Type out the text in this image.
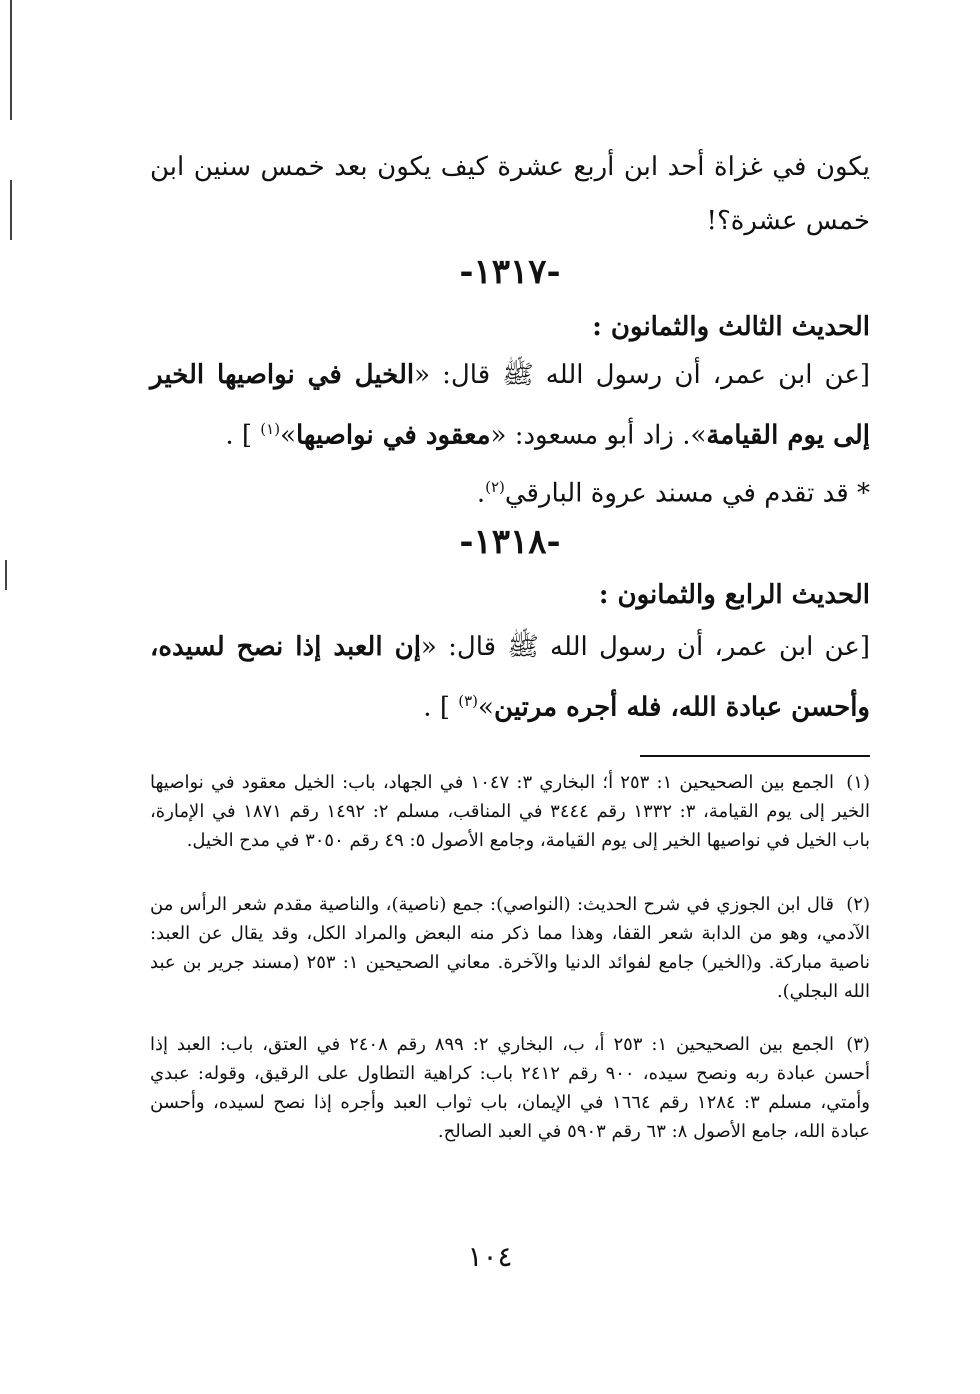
يكون في غزاة أحد ابن أربع عشرة كيف يكون بعد خمس سنين ابن خمس عشرة؟!
-١٣١٧-
الحديث الثالث والثمانون :
[عن ابن عمر، أن رسول الله ﷺ قال: «الخيل في نواصيها الخير إلى يوم القيامة». زاد أبو مسعود: «معقود في نواصيها»$^{(١)}$ ] .
* قد تقدم في مسند عروة البارقي$^{(٢)}$.
-١٣١٨-
الحديث الرابع والثمانون :
[عن ابن عمر، أن رسول الله ﷺ قال: «إن العبد إذا نصح لسيده، وأحسن عبادة الله، فله أجره مرتين»$^{(٣)}$ ] .
(١)الجمع بين الصحيحين ١: ٢٥٣ أ؛ البخاري ٣: ١٠٤٧ في الجهاد، باب: الخيل معقود في نواصيها الخير إلى يوم القيامة، ٣: ١٣٣٢ رقم ٣٤٤٤ في المناقب، مسلم ٢: ١٤٩٢ رقم ١٨٧١ في الإمارة، باب الخيل في نواصيها الخير إلى يوم القيامة، وجامع الأصول ٥: ٤٩ رقم ٣٠٥٠ في مدح الخيل.
(٢)قال ابن الجوزي في شرح الحديث: (النواصي): جمع (ناصية)، والناصية مقدم شعر الرأس من الآدمي، وهو من الدابة شعر القفا، وهذا مما ذكر منه البعض والمراد الكل، وقد يقال عن العبد: ناصية مباركة. و(الخير) جامع لفوائد الدنيا والآخرة. معاني الصحيحين ١: ٢٥٣ (مسند جرير بن عبد الله البجلي).
(٣)الجمع بين الصحيحين ١: ٢٥٣ أ، ب، البخاري ٢: ٨٩٩ رقم ٢٤٠٨ في العتق، باب: العبد إذا أحسن عبادة ربه ونصح سيده، ٩٠٠ رقم ٢٤١٢ باب: كراهية التطاول على الرقيق، وقوله: عبدي وأمتي، مسلم ٣: ١٢٨٤ رقم ١٦٦٤ في الإيمان، باب ثواب العبد وأجره إذا نصح لسيده، وأحسن عبادة الله، جامع الأصول ٨: ٦٣ رقم ٥٩٠٣ في العبد الصالح.
١٠٤
